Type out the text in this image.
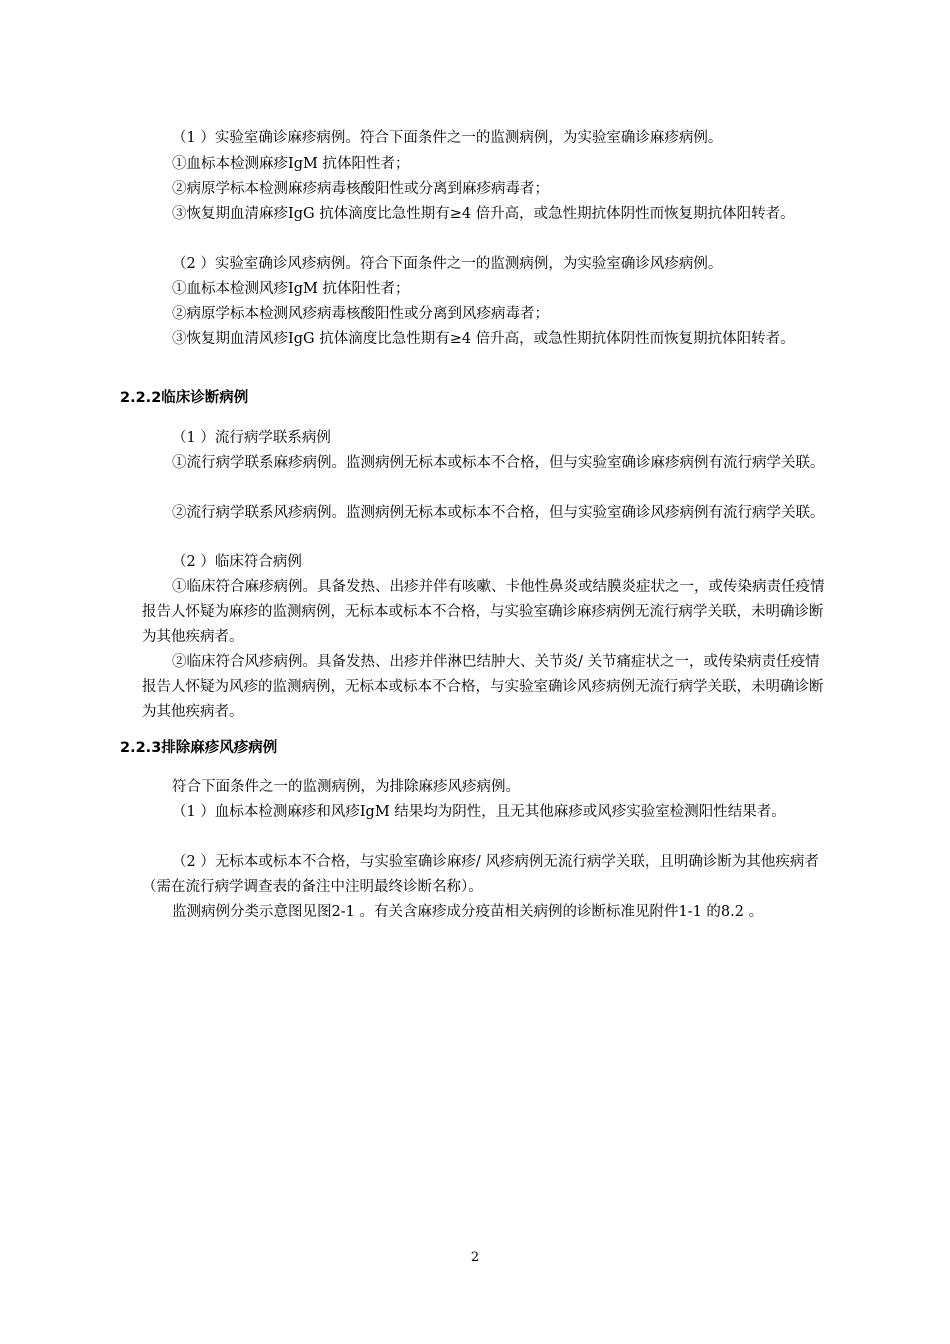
（1 ）实验室确诊麻疹病例。符合下面条件之一的监测病例，为实验室确诊麻疹病例。

①血标本检测麻疹IgM 抗体阳性者；

②病原学标本检测麻疹病毒核酸阳性或分离到麻疹病毒者；

③恢复期血清麻疹IgG 抗体滴度比急性期有≥4 倍升高，或急性期抗体阴性而恢复期抗体阳转者。

（2 ）实验室确诊风疹病例。符合下面条件之一的监测病例，为实验室确诊风疹病例。

①血标本检测风疹IgM 抗体阳性者；

②病原学标本检测风疹病毒核酸阳性或分离到风疹病毒者；

③恢复期血清风疹IgG 抗体滴度比急性期有≥4 倍升高，或急性期抗体阴性而恢复期抗体阳转者。

2.2.2临床诊断病例

（1 ）流行病学联系病例

①流行病学联系麻疹病例。监测病例无标本或标本不合格，但与实验室确诊麻疹病例有流行病学关联。

②流行病学联系风疹病例。监测病例无标本或标本不合格，但与实验室确诊风疹病例有流行病学关联。

（2 ）临床符合病例

①临床符合麻疹病例。具备发热、出疹并伴有咳嗽、卡他性鼻炎或结膜炎症状之一，或传染病责任疫情报告人怀疑为麻疹的监测病例，无标本或标本不合格，与实验室确诊麻疹病例无流行病学关联，未明确诊断为其他疾病者。

②临床符合风疹病例。具备发热、出疹并伴淋巴结肿大、关节炎/ 关节痛症状之一，或传染病责任疫情报告人怀疑为风疹的监测病例，无标本或标本不合格，与实验室确诊风疹病例无流行病学关联，未明确诊断为其他疾病者。

2.2.3排除麻疹风疹病例

符合下面条件之一的监测病例，为排除麻疹风疹病例。

（1 ）血标本检测麻疹和风疹IgM 结果均为阴性，且无其他麻疹或风疹实验室检测阳性结果者。

（2 ）无标本或标本不合格，与实验室确诊麻疹/ 风疹病例无流行病学关联，且明确诊断为其他疾病者（需在流行病学调查表的备注中注明最终诊断名称）。

监测病例分类示意图见图2-1 。有关含麻疹成分疫苗相关病例的诊断标准见附件1-1 的8.2 。

2
